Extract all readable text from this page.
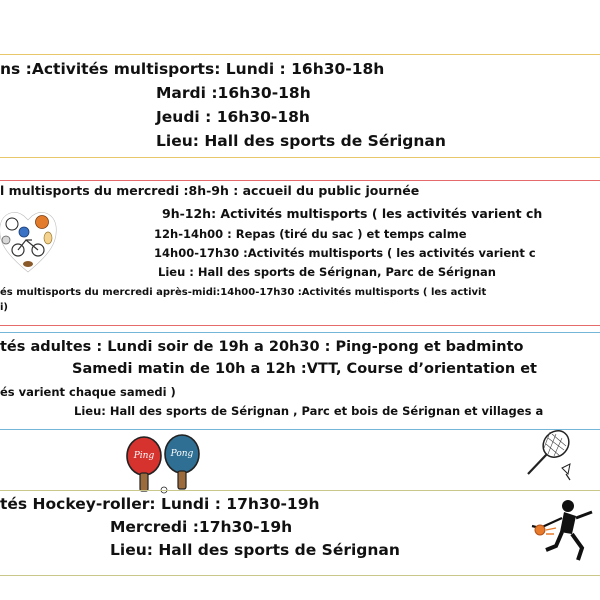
ns :Activités multisports: Lundi : 16h30-18h
Mardi :16h30-18h
Jeudi : 16h30-18h
Lieu: Hall des sports de Sérignan
l multisports du mercredi :8h-9h : accueil du public journée
9h-12h: Activités multisports ( les activités varient ch
12h-14h00 : Repas (tiré du sac ) et temps calme
14h00-17h30 :Activités multisports ( les activités varient c
Lieu : Hall des sports de Sérignan, Parc de Sérignan
és multisports du mercredi après-midi:14h00-17h30 :Activités multisports ( les activit
i)
tés adultes : Lundi soir de 19h a 20h30 : Ping-pong et badminto
Samedi matin de 10h a 12h :VTT, Course d’orientation et
és varient chaque samedi )
Lieu: Hall des sports de Sérignan , Parc et bois de Sérignan et villages a
Ping Pong
tés Hockey-roller: Lundi : 17h30-19h
Mercredi :17h30-19h
Lieu: Hall des sports de Sérignan
